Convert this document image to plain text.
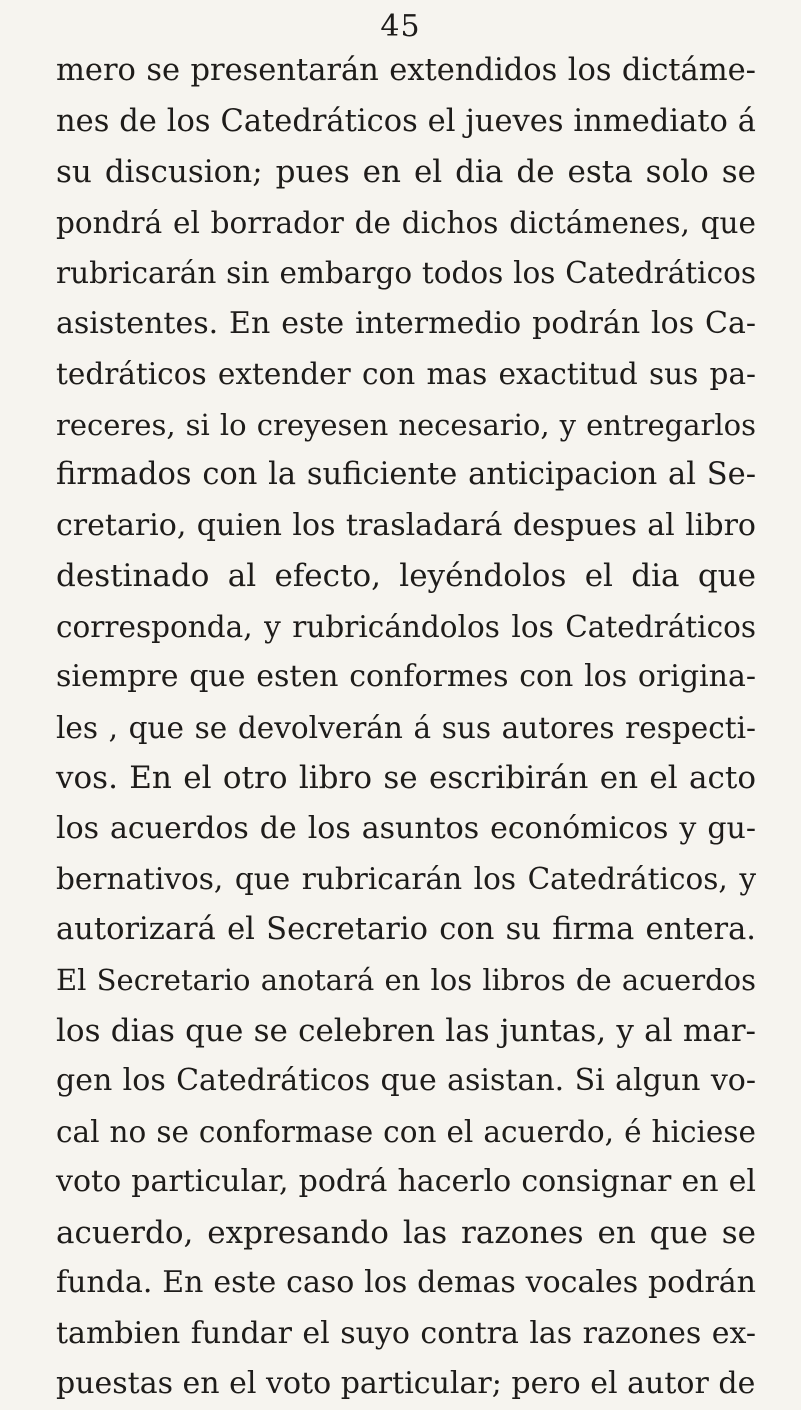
45
mero se presentarán extendidos los dictáme-
nes de los Catedráticos el jueves inmediato á
su discusion; pues en el dia de esta solo se
pondrá el borrador de dichos dictámenes, que
rubricarán sin embargo todos los Catedráticos
asistentes. En este intermedio podrán los Ca-
tedráticos extender con mas exactitud sus pa-
receres, si lo creyesen necesario, y entregarlos
firmados con la suficiente anticipacion al Se-
cretario, quien los trasladará despues al libro
destinado al efecto, leyéndolos el dia que
corresponda, y rubricándolos los Catedráticos
siempre que esten conformes con los origina-
les , que se devolverán á sus autores respecti-
vos. En el otro libro se escribirán en el acto
los acuerdos de los asuntos económicos y gu-
bernativos, que rubricarán los Catedráticos, y
autorizará el Secretario con su firma entera.
El Secretario anotará en los libros de acuerdos
los dias que se celebren las juntas, y al mar-
gen los Catedráticos que asistan. Si algun vo-
cal no se conformase con el acuerdo, é hiciese
voto particular, podrá hacerlo consignar en el
acuerdo, expresando las razones en que se
funda. En este caso los demas vocales podrán
tambien fundar el suyo contra las razones ex-
puestas en el voto particular; pero el autor de
